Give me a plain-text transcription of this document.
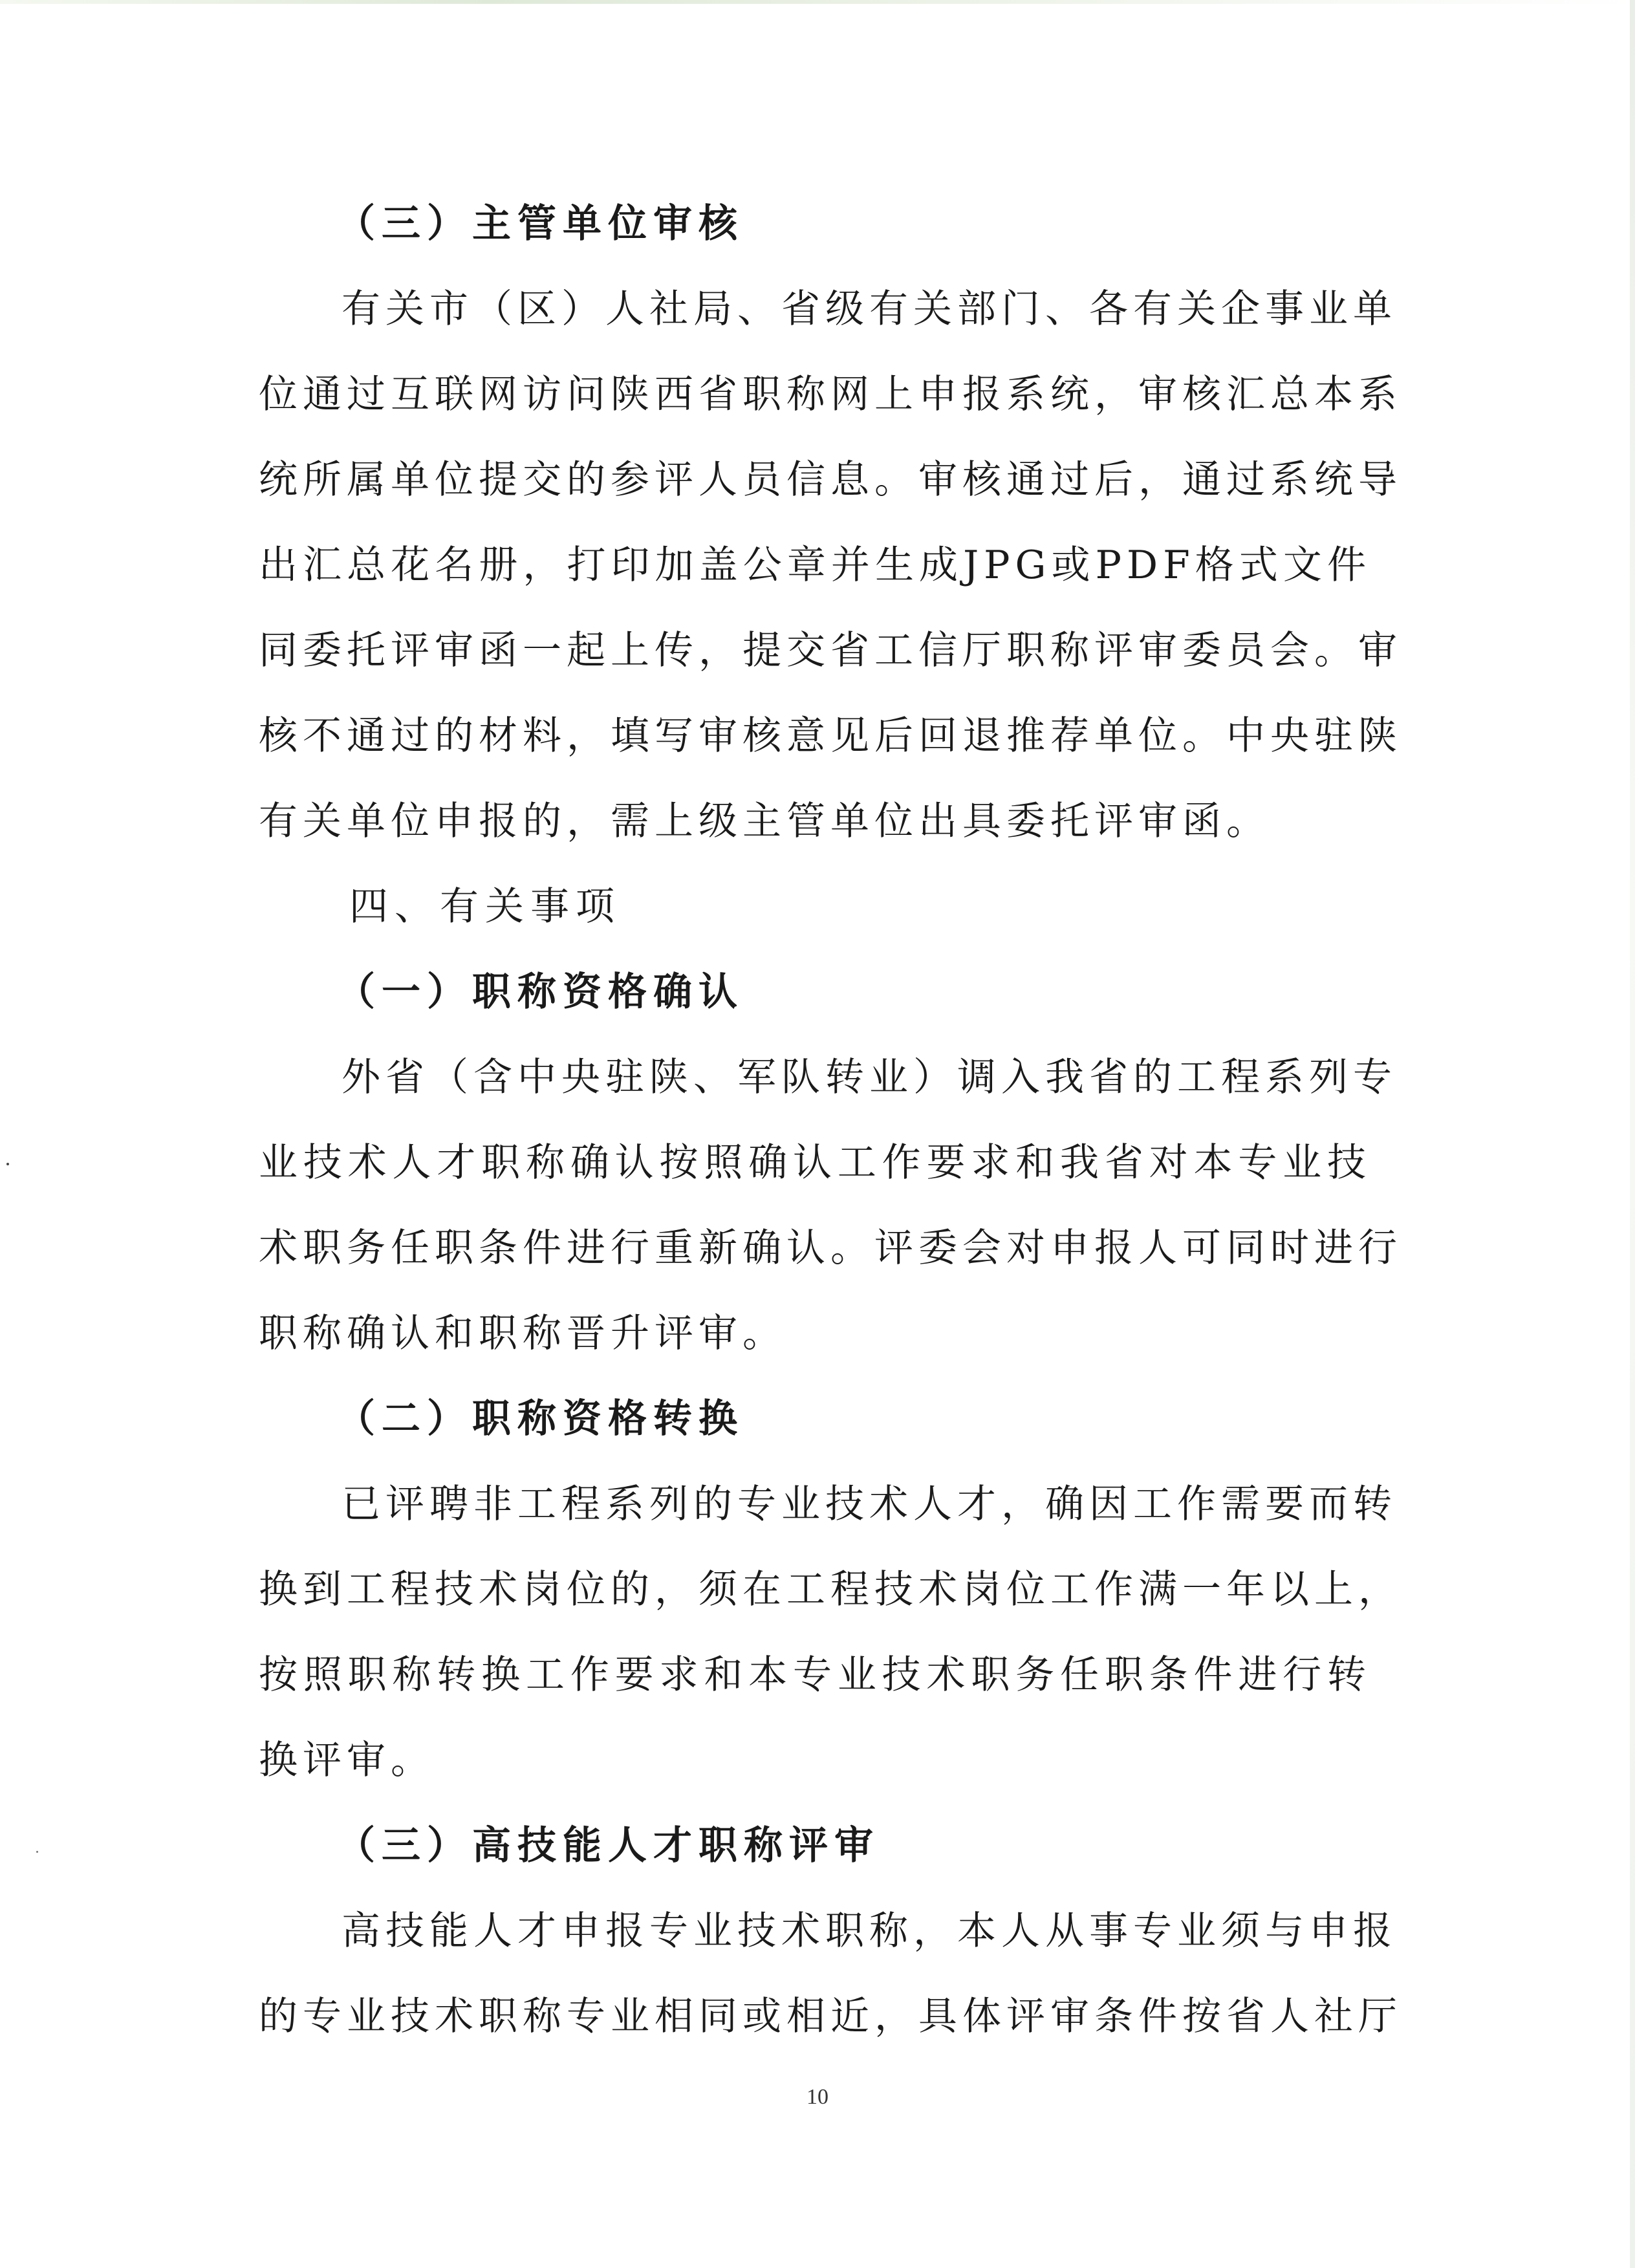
（三）主管单位审核
有关市（区）人社局、省级有关部门、各有关企事业单
位通过互联网访问陕西省职称网上申报系统，审核汇总本系
统所属单位提交的参评人员信息。审核通过后，通过系统导
出汇总花名册，打印加盖公章并生成JPG或PDF格式文件
同委托评审函一起上传，提交省工信厅职称评审委员会。审
核不通过的材料，填写审核意见后回退推荐单位。中央驻陕
有关单位申报的，需上级主管单位出具委托评审函。
四、有关事项
（一）职称资格确认
外省（含中央驻陕、军队转业）调入我省的工程系列专
业技术人才职称确认按照确认工作要求和我省对本专业技
术职务任职条件进行重新确认。评委会对申报人可同时进行
职称确认和职称晋升评审。
（二）职称资格转换
已评聘非工程系列的专业技术人才，确因工作需要而转
换到工程技术岗位的，须在工程技术岗位工作满一年以上，
按照职称转换工作要求和本专业技术职务任职条件进行转
换评审。
（三）高技能人才职称评审
高技能人才申报专业技术职称，本人从事专业须与申报
的专业技术职称专业相同或相近，具体评审条件按省人社厅
10
